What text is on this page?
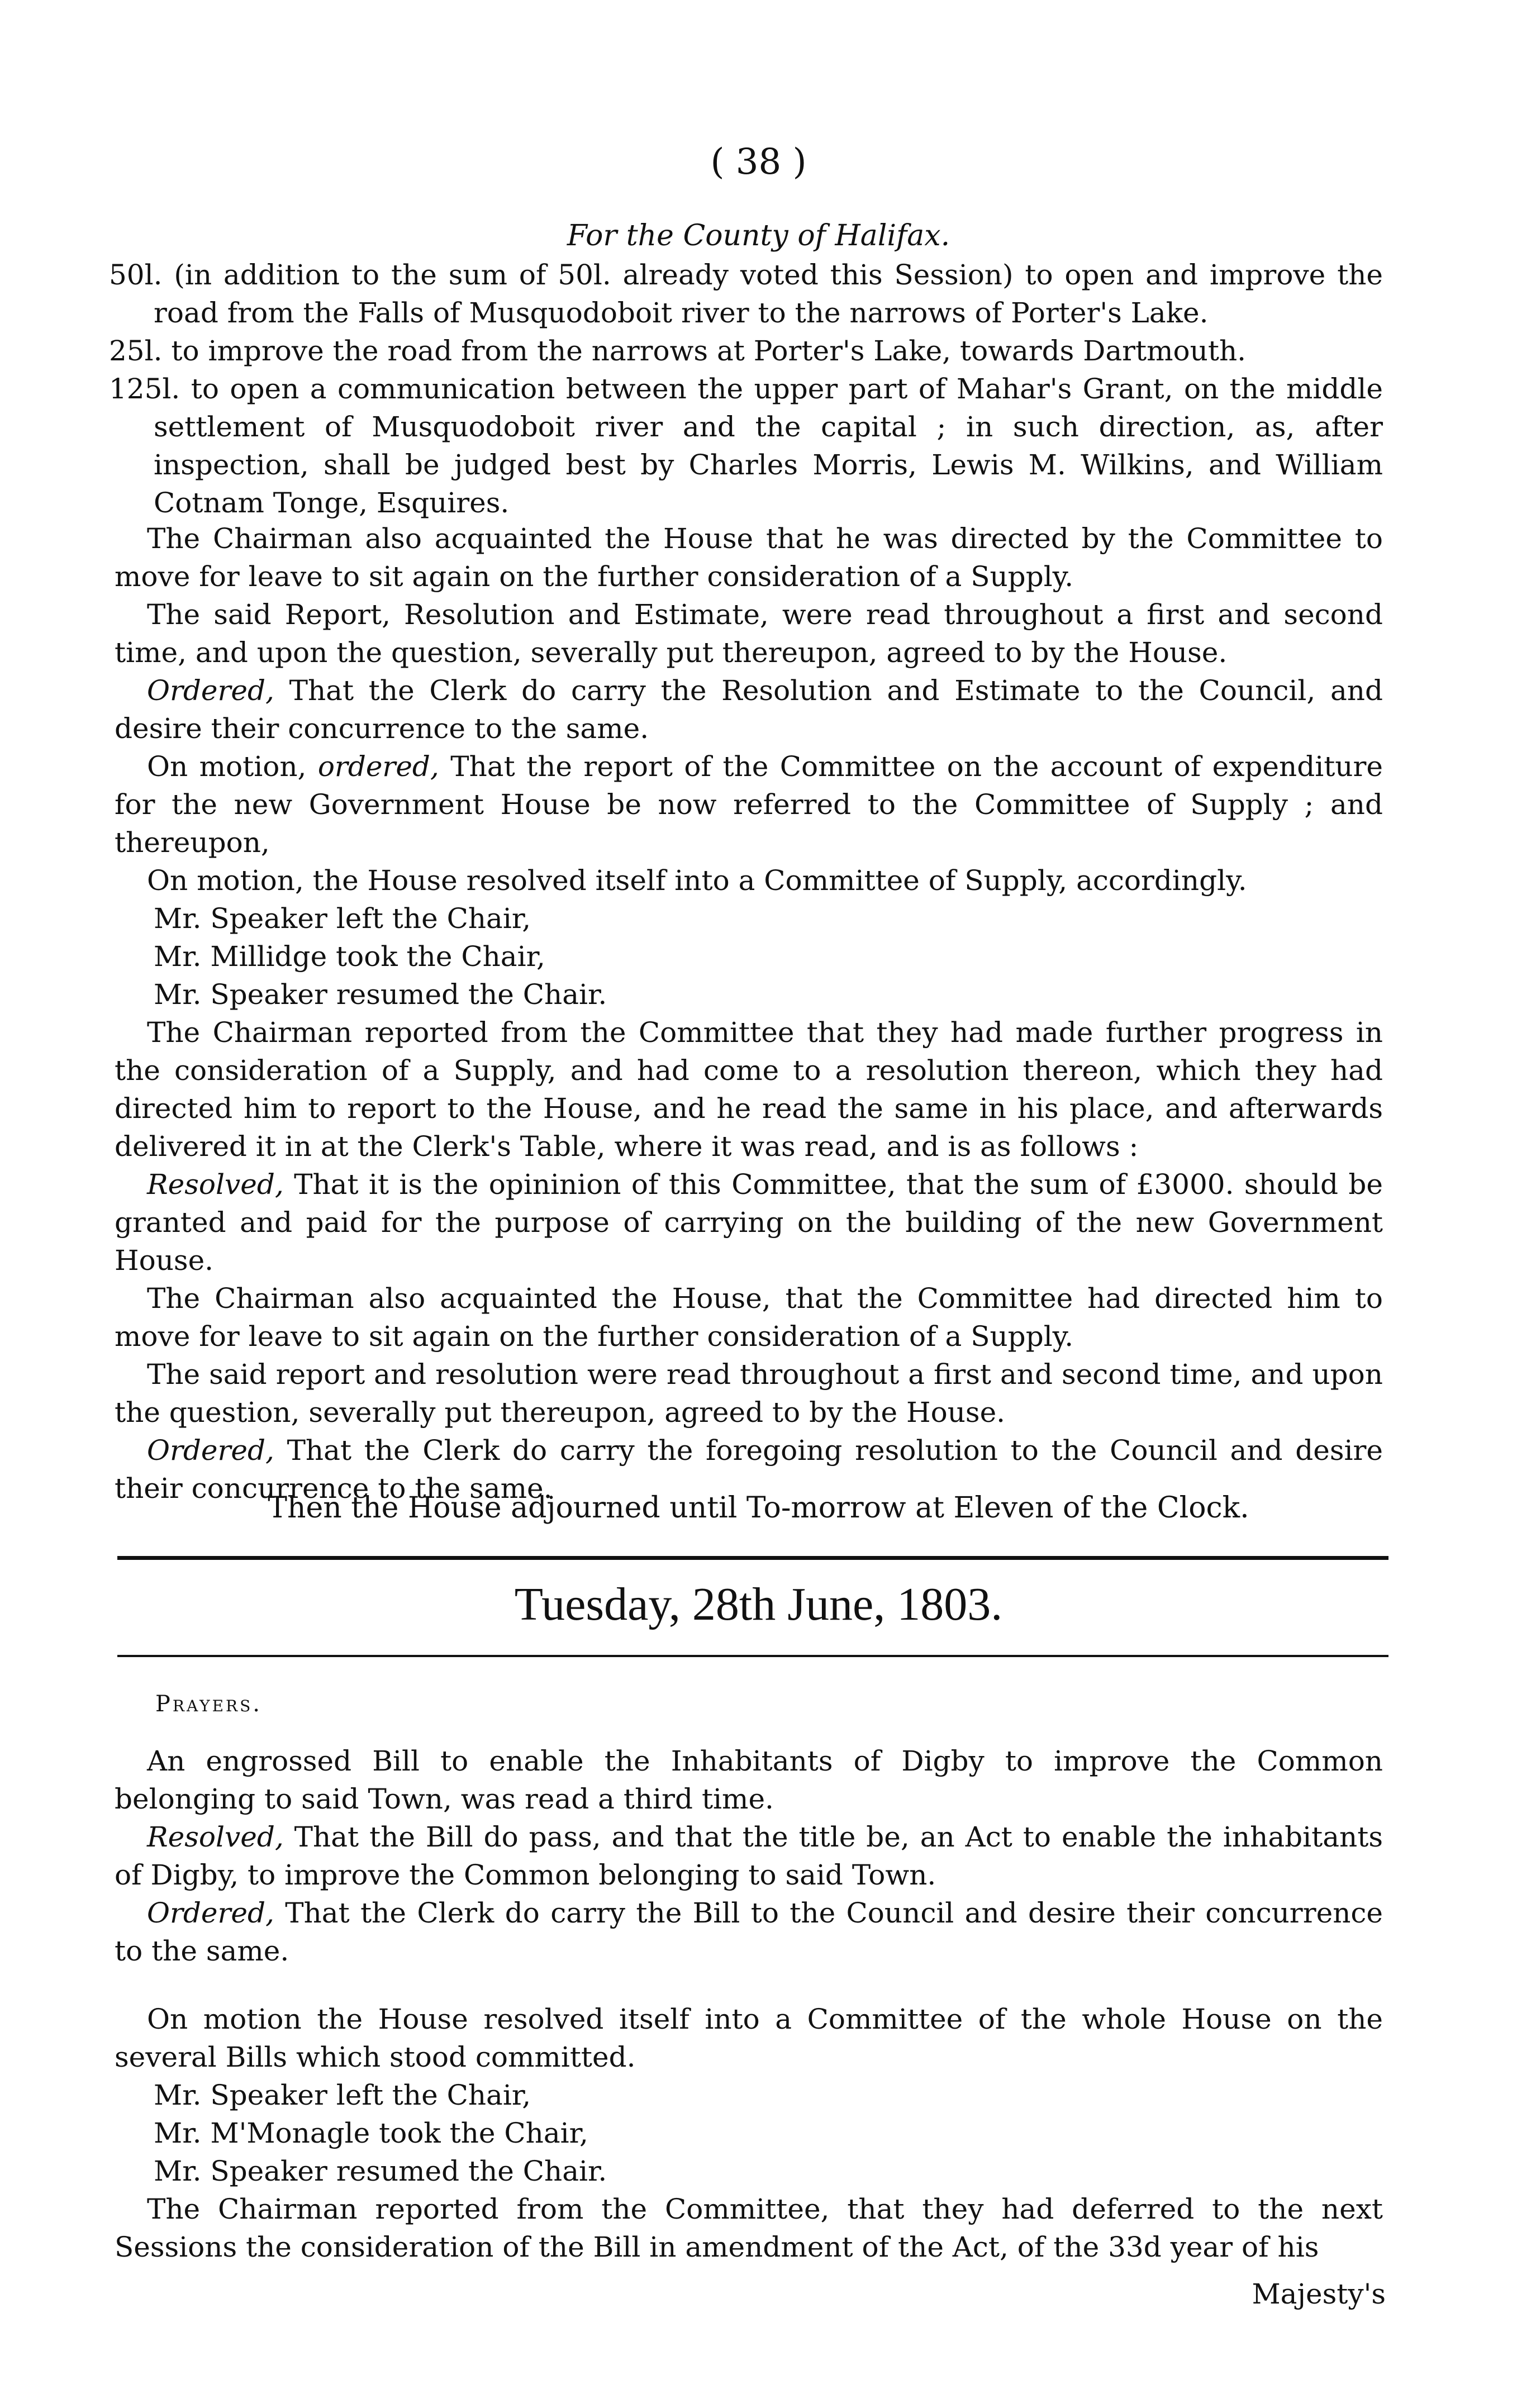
( 38 )
For the County of Halifax.

50l. (in addition to the sum of 50l. already voted this Session) to open and improve the road from the Falls of Musquodoboit river to the narrows of Porter's Lake.

25l. to improve the road from the narrows at Porter's Lake, towards Dartmouth.

125l. to open a communication between the upper part of Mahar's Grant, on the middle settlement of Musquodoboit river and the capital ; in such direction, as, after inspection, shall be judged best by Charles Morris, Lewis M. Wilkins, and William Cotnam Tonge, Esquires.

The Chairman also acquainted the House that he was directed by the Committee to move for leave to sit again on the further consideration of a Supply.

The said Report, Resolution and Estimate, were read throughout a first and second time, and upon the question, severally put thereupon, agreed to by the House.

Ordered, That the Clerk do carry the Resolution and Estimate to the Council, and desire their concurrence to the same.

On motion, ordered, That the report of the Committee on the account of expenditure for the new Government House be now referred to the Committee of Supply ; and thereupon,

On motion, the House resolved itself into a Committee of Supply, accordingly.

Mr. Speaker left the Chair,

Mr. Millidge took the Chair,

Mr. Speaker resumed the Chair.

The Chairman reported from the Committee that they had made further progress in the consideration of a Supply, and had come to a resolution thereon, which they had directed him to report to the House, and he read the same in his place, and afterwards delivered it in at the Clerk's Table, where it was read, and is as follows :

Resolved, That it is the opininion of this Committee, that the sum of £3000. should be granted and paid for the purpose of carrying on the building of the new Government House.

The Chairman also acquainted the House, that the Committee had directed him to move for leave to sit again on the further consideration of a Supply.

The said report and resolution were read throughout a first and second time, and upon the question, severally put thereupon, agreed to by the House.

Ordered, That the Clerk do carry the foregoing resolution to the Council and desire their concurrence to the same.

Then the House adjourned until To-morrow at Eleven of the Clock.
Tuesday, 28th June, 1803.
Prayers.

An engrossed Bill to enable the Inhabitants of Digby to improve the Common belonging to said Town, was read a third time.

Resolved, That the Bill do pass, and that the title be, an Act to enable the inhabitants of Digby, to improve the Common belonging to said Town.

Ordered, That the Clerk do carry the Bill to the Council and desire their concurrence to the same.

On motion the House resolved itself into a Committee of the whole House on the several Bills which stood committed.

Mr. Speaker left the Chair,

Mr. M'Monagle took the Chair,

Mr. Speaker resumed the Chair.

The Chairman reported from the Committee, that they had deferred to the next Sessions the consideration of the Bill in amendment of the Act, of the 33d year of his

Majesty's
